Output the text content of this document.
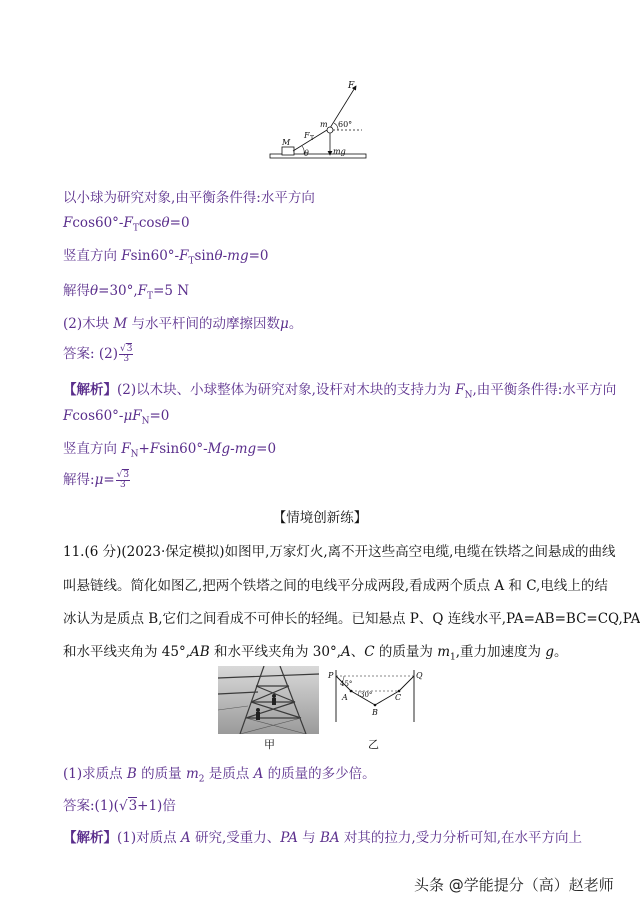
F
60°
m
F T
M
θ	mg
以小球为研究对象,由平衡条件得:水平方向
$Fcos60^\circ-F_T\cos\theta=0$
竖直方向 $Fsin60^\circ-F_T\sin\theta-mg=0$
解得$\theta=30^\circ,F_T=5$ N
(2)木块 M 与水平杆间的动摩擦因数μ。
答案: $(2) \frac{√3}{3}$
【解析】(2)以木块、小球整体为研究对象,设杆对木块的支持力为 $F_N$,由平衡条件得:水平方向
$Fcos60^\circ-\mu F_N=0$
竖直方向 $F_N+Fsin60^\circ-Mg-mg=0$
解得:μ= $\frac{√3}{3}$
【情境创新练】
11.(6 分)(2023·保定模拟)如图甲,万家灯火,离不开这些高空电缆,电缆在铁塔之间悬成的曲线
叫悬链线。简化如图乙,把两个铁塔之间的电线平分成两段,看成两个质点 A 和 C,电线上的结
冰认为是质点 B,它们之间看成不可伸长的轻绳。已知悬点 P、Q 连线水平,PA=AB=BC=CQ,PA
和水平线夹角为 45°,AB 和水平线夹角为 30°,A、C 的质量为 $m_1$,重力加速度为 g。
P	Q
A
B
C
45°
30°
甲	乙
(1)求质点 B 的质量 $m_2$ 是质点 A 的质量的多少倍。
答案:(1)(√3+1)倍
【解析】(1)对质点 A 研究,受重力、PA 与 BA 对其的拉力,受力分析可知,在水平方向上
头条 @学能提分（高）赵老师
